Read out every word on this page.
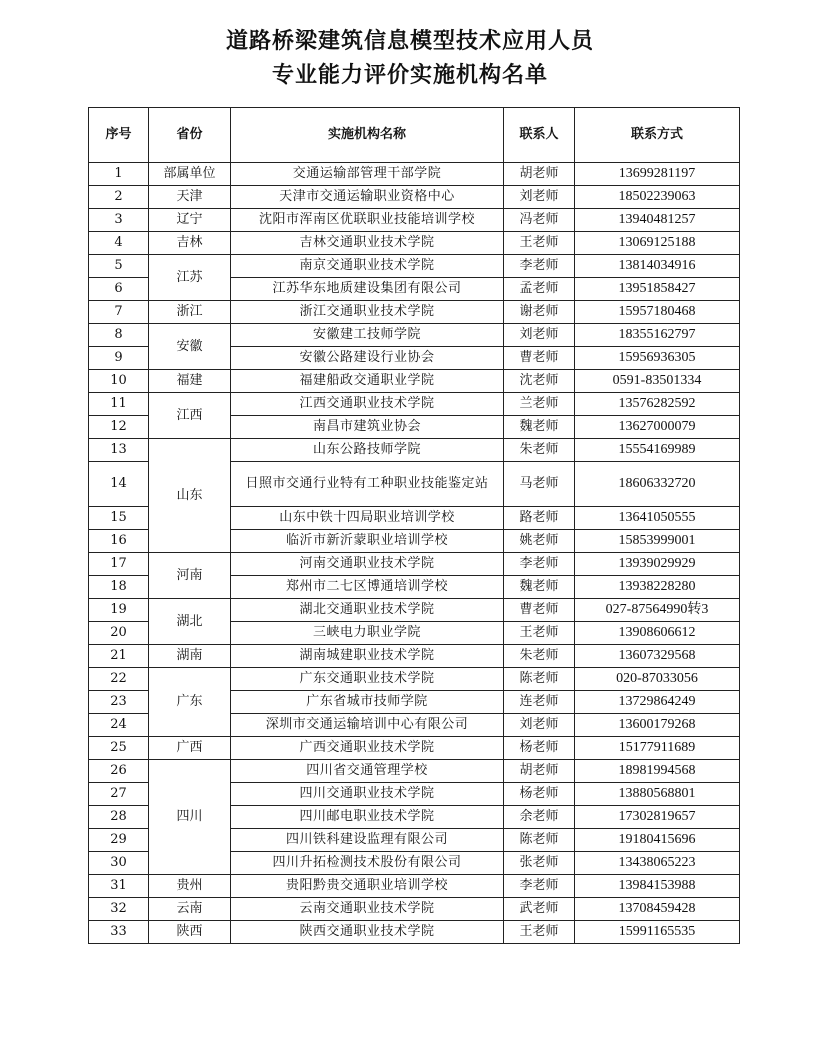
道路桥梁建筑信息模型技术应用人员
专业能力评价实施机构名单
序号	省份	实施机构名称	联系人	联系方式
1	部属单位	交通运输部管理干部学院	胡老师	13699281197
2	天津	天津市交通运输职业资格中心	刘老师	18502239063
3	辽宁	沈阳市浑南区优联职业技能培训学校	冯老师	13940481257
4	吉林	吉林交通职业技术学院	王老师	13069125188
5	江苏	南京交通职业技术学院	李老师	13814034916
6		江苏华东地质建设集团有限公司	孟老师	13951858427
7	浙江	浙江交通职业技术学院	谢老师	15957180468
8	安徽	安徽建工技师学院	刘老师	18355162797
9		安徽公路建设行业协会	曹老师	15956936305
10	福建	福建船政交通职业学院	沈老师	0591-83501334
11	江西	江西交通职业技术学院	兰老师	13576282592
12		南昌市建筑业协会	魏老师	13627000079
13	山东	山东公路技师学院	朱老师	15554169989
14		日照市交通行业特有工种职业技能鉴定站	马老师	18606332720
15		山东中铁十四局职业培训学校	路老师	13641050555
16		临沂市新沂蒙职业培训学校	姚老师	15853999001
17	河南	河南交通职业技术学院	李老师	13939029929
18		郑州市二七区博通培训学校	魏老师	13938228280
19	湖北	湖北交通职业技术学院	曹老师	027-87564990转3
20		三峡电力职业学院	王老师	13908606612
21	湖南	湖南城建职业技术学院	朱老师	13607329568
22	广东	广东交通职业技术学院	陈老师	020-87033056
23		广东省城市技师学院	连老师	13729864249
24		深圳市交通运输培训中心有限公司	刘老师	13600179268
25	广西	广西交通职业技术学院	杨老师	15177911689
26	四川	四川省交通管理学校	胡老师	18981994568
27		四川交通职业技术学院	杨老师	13880568801
28		四川邮电职业技术学院	余老师	17302819657
29		四川铁科建设监理有限公司	陈老师	19180415696
30		四川升拓检测技术股份有限公司	张老师	13438065223
31	贵州	贵阳黔贵交通职业培训学校	李老师	13984153988
32	云南	云南交通职业技术学院	武老师	13708459428
33	陕西	陕西交通职业技术学院	王老师	15991165535
